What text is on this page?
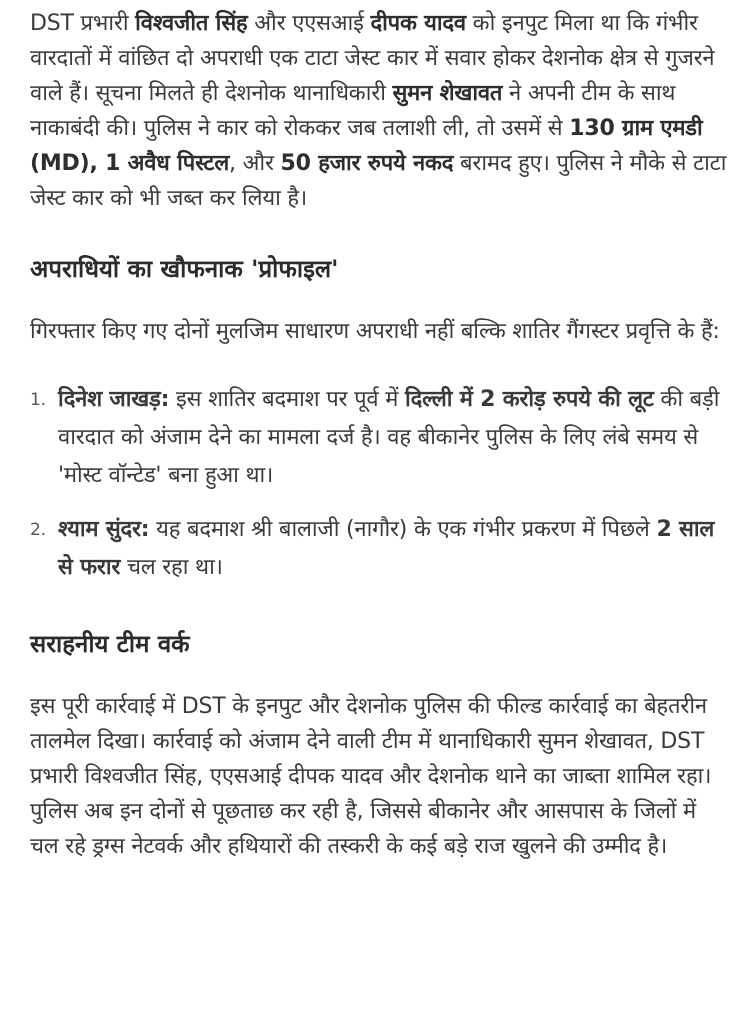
DST प्रभारी विश्वजीत सिंह और एएसआई दीपक यादव को इनपुट मिला था कि गंभीर वारदातों में वांछित दो अपराधी एक टाटा जेस्ट कार में सवार होकर देशनोक क्षेत्र से गुजरने वाले हैं। सूचना मिलते ही देशनोक थानाधिकारी सुमन शेखावत ने अपनी टीम के साथ नाकाबंदी की। पुलिस ने कार को रोककर जब तलाशी ली, तो उसमें से 130 ग्राम एमडी (MD), 1 अवैध पिस्टल, और 50 हजार रुपये नकद बरामद हुए। पुलिस ने मौके से टाटा जेस्ट कार को भी जब्त कर लिया है।

अपराधियों का खौफनाक 'प्रोफाइल'

गिरफ्तार किए गए दोनों मुलजिम साधारण अपराधी नहीं बल्कि शातिर गैंगस्टर प्रवृत्ति के हैं:

1. दिनेश जाखड़: इस शातिर बदमाश पर पूर्व में दिल्ली में 2 करोड़ रुपये की लूट की बड़ी वारदात को अंजाम देने का मामला दर्ज है। वह बीकानेर पुलिस के लिए लंबे समय से 'मोस्ट वॉन्टेड' बना हुआ था।
2. श्याम सुंदर: यह बदमाश श्री बालाजी (नागौर) के एक गंभीर प्रकरण में पिछले 2 साल से फरार चल रहा था।
सराहनीय टीम वर्क

इस पूरी कार्रवाई में DST के इनपुट और देशनोक पुलिस की फील्ड कार्रवाई का बेहतरीन तालमेल दिखा। कार्रवाई को अंजाम देने वाली टीम में थानाधिकारी सुमन शेखावत, DST प्रभारी विश्वजीत सिंह, एएसआई दीपक यादव और देशनोक थाने का जाब्ता शामिल रहा। पुलिस अब इन दोनों से पूछताछ कर रही है, जिससे बीकानेर और आसपास के जिलों में चल रहे ड्रग्स नेटवर्क और हथियारों की तस्करी के कई बड़े राज खुलने की उम्मीद है।
